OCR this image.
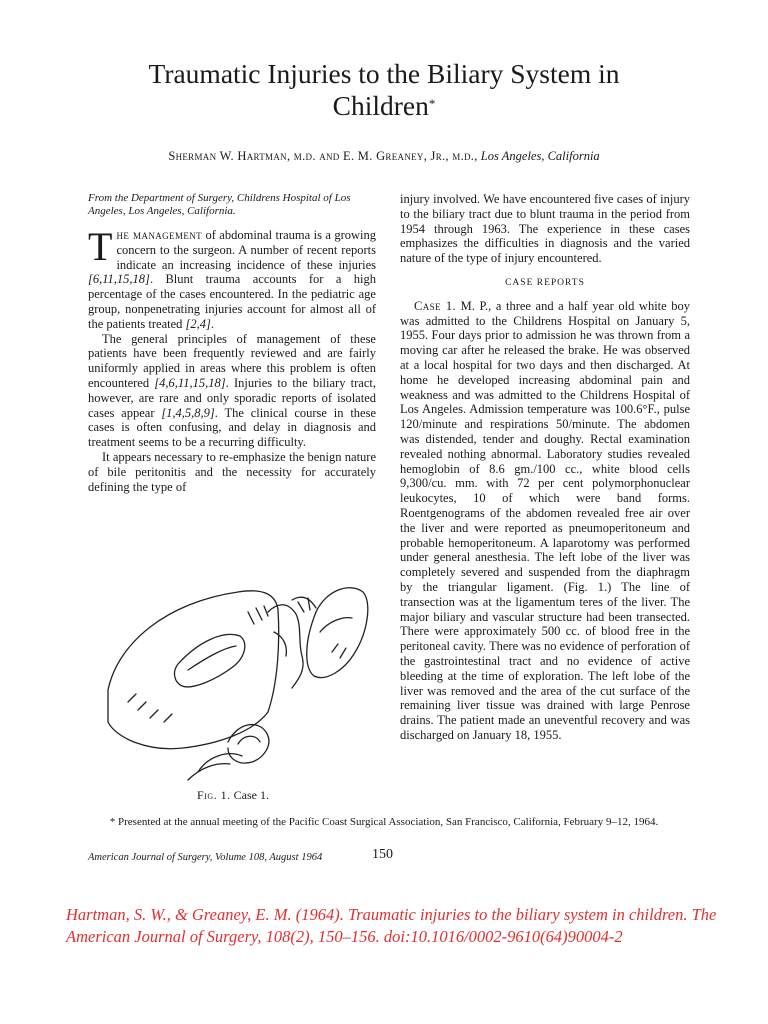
Traumatic Injuries to the Biliary System in
Children*
Sherman W. Hartman, m.d. and E. M. Greaney, Jr., m.d., Los Angeles, California

From the Department of Surgery, Childrens Hospital of Los Angeles, Los Angeles, California.

The management of abdominal trauma is a growing concern to the surgeon. A number of recent reports indicate an increasing incidence of these injuries [6,11,15,18]. Blunt trauma accounts for a high percentage of the cases encountered. In the pediatric age group, nonpenetrating injuries account for almost all of the patients treated [2,4].

The general principles of management of these patients have been frequently reviewed and are fairly uniformly applied in areas where this problem is often encountered [4,6,11,15,18]. Injuries to the biliary tract, however, are rare and only sporadic reports of isolated cases appear [1,4,5,8,9]. The clinical course in these cases is often confusing, and delay in diagnosis and treatment seems to be a recurring difficulty.

It appears necessary to re-emphasize the benign nature of bile peritonitis and the necessity for accurately defining the type of

Fig. 1. Case 1.

injury involved. We have encountered five cases of injury to the biliary tract due to blunt trauma in the period from 1954 through 1963. The experience in these cases emphasizes the difficulties in diagnosis and the varied nature of the type of injury encountered.

CASE REPORTS

Case 1. M. P., a three and a half year old white boy was admitted to the Childrens Hospital on January 5, 1955. Four days prior to admission he was thrown from a moving car after he released the brake. He was observed at a local hospital for two days and then discharged. At home he developed increasing abdominal pain and weakness and was admitted to the Childrens Hospital of Los Angeles. Admission temperature was 100.6°F., pulse 120/minute and respirations 50/minute. The abdomen was distended, tender and doughy. Rectal examination revealed nothing abnormal. Laboratory studies revealed hemoglobin of 8.6 gm./100 cc., white blood cells 9,300/cu. mm. with 72 per cent polymorphonuclear leukocytes, 10 of which were band forms. Roentgenograms of the abdomen revealed free air over the liver and were reported as pneumoperitoneum and probable hemoperitoneum. A laparotomy was performed under general anesthesia. The left lobe of the liver was completely severed and suspended from the diaphragm by the triangular ligament. (Fig. 1.) The line of transection was at the ligamentum teres of the liver. The major biliary and vascular structure had been transected. There were approximately 500 cc. of blood free in the peritoneal cavity. There was no evidence of perforation of the gastrointestinal tract and no evidence of active bleeding at the time of exploration. The left lobe of the liver was removed and the area of the cut surface of the remaining liver tissue was drained with large Penrose drains. The patient made an uneventful recovery and was discharged on January 18, 1955.

* Presented at the annual meeting of the Pacific Coast Surgical Association, San Francisco, California, February 9–12, 1964.
American Journal of Surgery, Volume 108, August 1964	150
Hartman, S. W., & Greaney, E. M. (1964). Traumatic injuries to the biliary system in children. The American Journal of Surgery, 108(2), 150–156. doi:10.1016/0002-9610(64)90004-2
